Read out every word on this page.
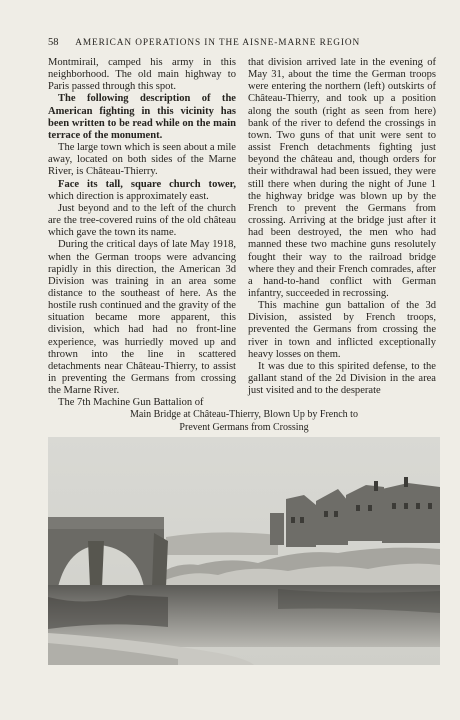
58 AMERICAN OPERATIONS IN THE AISNE-MARNE REGION

Montmirail, camped his army in this neighborhood. The old main highway to Paris passed through this spot.

The following description of the American fighting in this vicinity has been written to be read while on the main terrace of the monument.

The large town which is seen about a mile away, located on both sides of the Marne River, is Château-Thierry.

Face its tall, square church tower, which direction is approximately east.

Just beyond and to the left of the church are the tree-covered ruins of the old château which gave the town its name.

During the critical days of late May 1918, when the German troops were advancing rapidly in this direction, the American 3d Division was training in an area some distance to the southeast of here. As the hostile rush continued and the gravity of the situation became more apparent, this division, which had had no front-line experience, was hurriedly moved up and thrown into the line in scattered detachments near Château-Thierry, to assist in preventing the Germans from crossing the Marne River.

The 7th Machine Gun Battalion of

that division arrived late in the evening of May 31, about the time the German troops were entering the northern (left) outskirts of Château-Thierry, and took up a position along the south (right as seen from here) bank of the river to defend the crossings in town. Two guns of that unit were sent to assist French detachments fighting just beyond the château and, though orders for their withdrawal had been issued, they were still there when during the night of June 1 the highway bridge was blown up by the French to prevent the Germans from crossing. Arriving at the bridge just after it had been destroyed, the men who had manned these two machine guns resolutely fought their way to the railroad bridge where they and their French comrades, after a hand-to-hand conflict with German infantry, succeeded in recrossing.

This machine gun battalion of the 3d Division, assisted by French troops, prevented the Germans from crossing the river in town and inflicted exceptionally heavy losses on them.

It was due to this spirited defense, to the gallant stand of the 2d Division in the area just visited and to the desperate

Main Bridge at Château-Thierry, Blown Up by French to
Prevent Germans from Crossing
